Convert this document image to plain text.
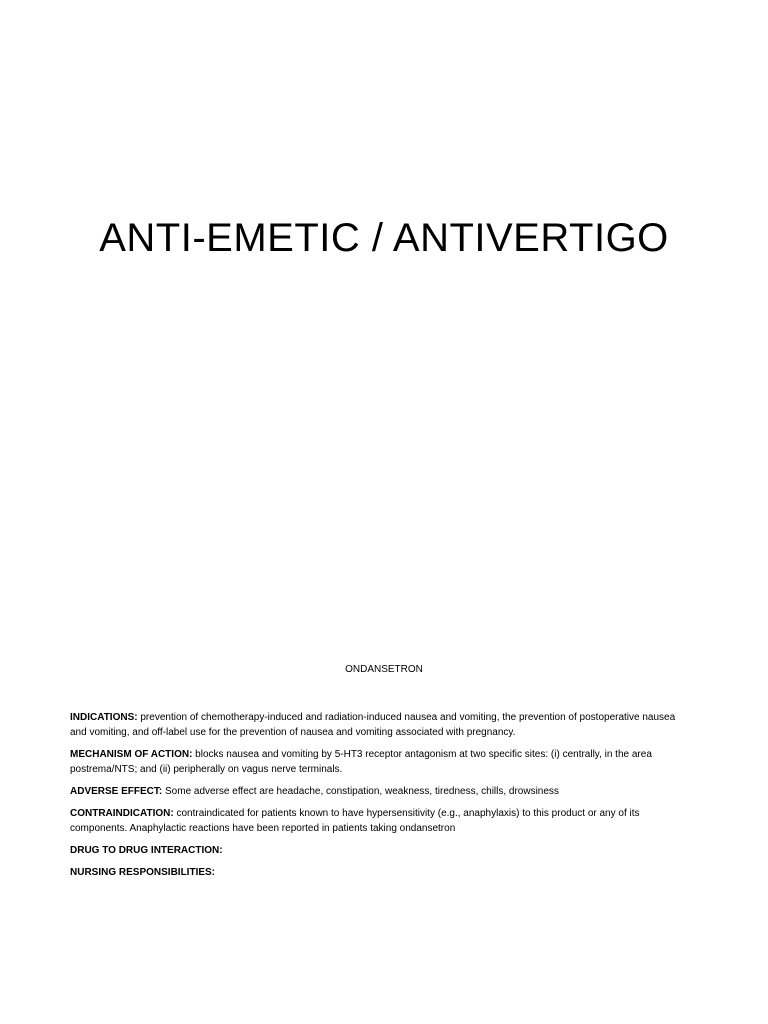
ANTI-EMETIC / ANTIVERTIGO

ONDANSETRON

INDICATIONS: prevention of chemotherapy-induced and radiation-induced nausea and vomiting, the prevention of postoperative nausea and vomiting, and off-label use for the prevention of nausea and vomiting associated with pregnancy.

MECHANISM OF ACTION: blocks nausea and vomiting by 5-HT3 receptor antagonism at two specific sites: (i) centrally, in the area postrema/NTS; and (ii) peripherally on vagus nerve terminals.

ADVERSE EFFECT: Some adverse effect are headache, constipation, weakness, tiredness, chills, drowsiness

CONTRAINDICATION: contraindicated for patients known to have hypersensitivity (e.g., anaphylaxis) to this product or any of its components. Anaphylactic reactions have been reported in patients taking ondansetron

DRUG TO DRUG INTERACTION:

NURSING RESPONSIBILITIES:
